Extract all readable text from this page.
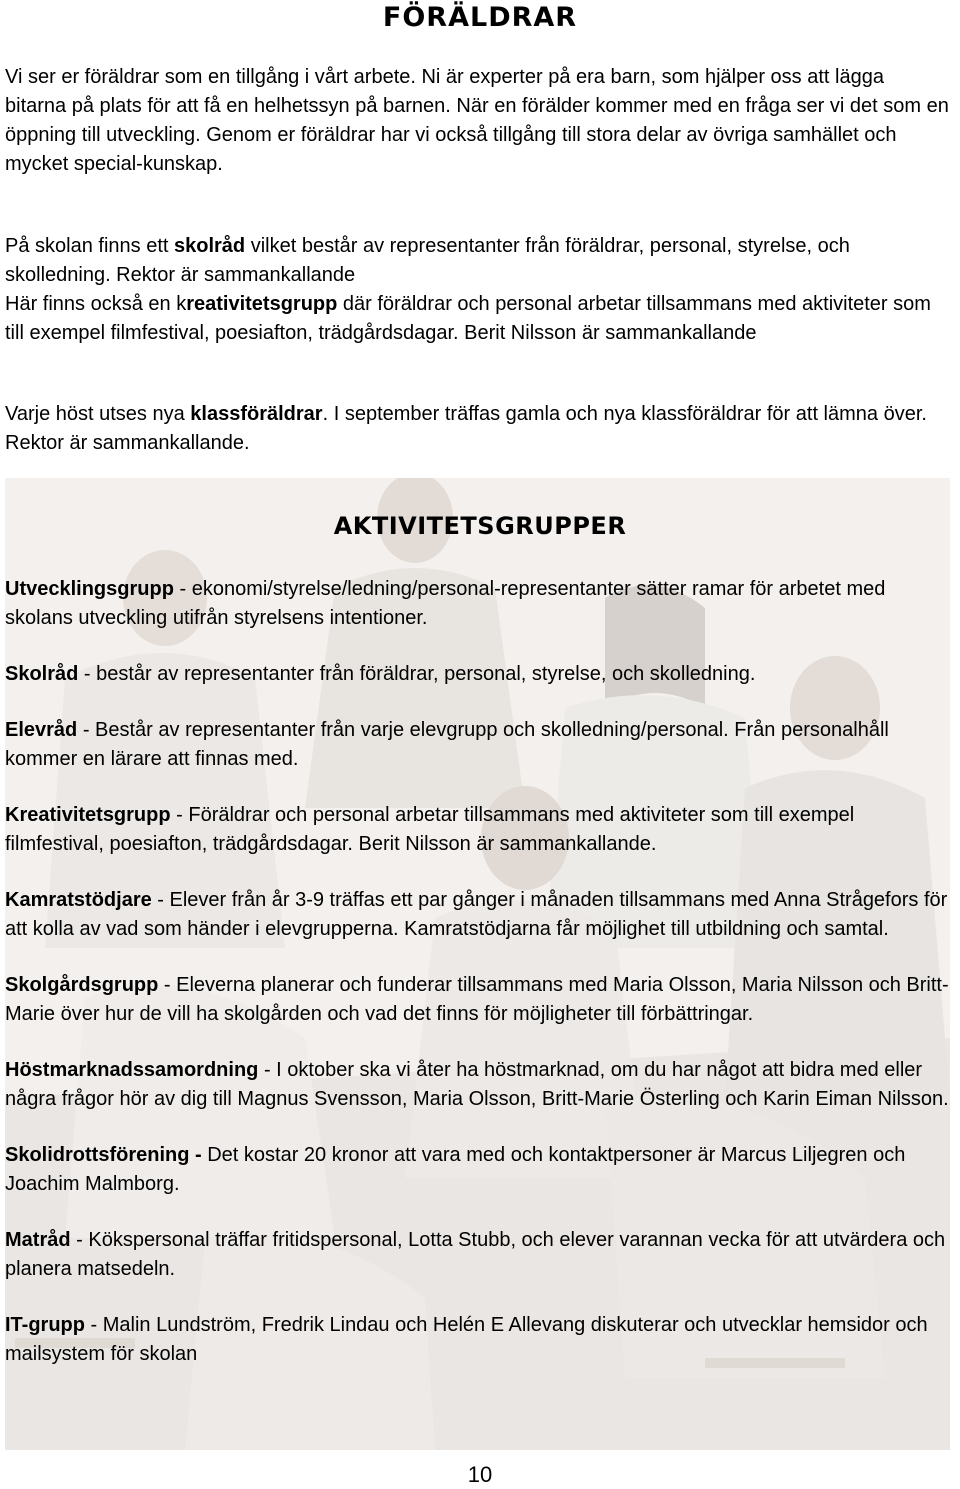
FÖRÄLDRAR

Vi ser er föräldrar som en tillgång i vårt arbete. Ni är experter på era barn, som hjälper oss att lägga bitarna på plats för att få en helhetssyn på barnen. När en förälder kommer med en fråga ser vi det som en öppning till utveckling. Genom er föräldrar har vi också tillgång till stora delar av övriga samhället och mycket special-kunskap.

På skolan finns ett skolråd vilket består av representanter från föräldrar, personal, styrelse, och skolledning. Rektor är sammankallande
Här finns också en kreativitetsgrupp där föräldrar och personal arbetar tillsammans med aktiviteter som till exempel filmfestival, poesiafton, trädgårdsdagar. Berit Nilsson är sammankallande

Varje höst utses nya klassföräldrar. I september träffas gamla och nya klassföräldrar för att lämna över. Rektor är sammankallande.

AKTIVITETSGRUPPER

Utvecklingsgrupp - ekonomi/styrelse/ledning/personal-representanter sätter ramar för arbetet med skolans utveckling utifrån styrelsens intentioner.

Skolråd - består av representanter från föräldrar, personal, styrelse, och skolledning.

Elevråd - Består av representanter från varje elevgrupp och skolledning/personal. Från personalhåll kommer en lärare att finnas med.

Kreativitetsgrupp - Föräldrar och personal arbetar tillsammans med aktiviteter som till exempel filmfestival, poesiafton, trädgårdsdagar. Berit Nilsson är sammankallande.

Kamratstödjare - Elever från år 3-9 träffas ett par gånger i månaden tillsammans med Anna Strågefors för att kolla av vad som händer i elevgrupperna. Kamratstödjarna får möjlighet till utbildning och samtal.

Skolgårdsgrupp - Eleverna planerar och funderar tillsammans med Maria Olsson, Maria Nilsson och Britt-Marie över hur de vill ha skolgården och vad det finns för möjligheter till förbättringar.

Höstmarknadssamordning - I oktober ska vi åter ha höstmarknad, om du har något att bidra med eller några frågor hör av dig till Magnus Svensson, Maria Olsson, Britt-Marie Österling och Karin Eiman Nilsson.

Skolidrottsförening - Det kostar 20 kronor att vara med och kontaktpersoner är Marcus Liljegren och Joachim Malmborg.

Matråd - Kökspersonal träffar fritidspersonal, Lotta Stubb, och elever varannan vecka för att utvärdera och planera matsedeln.

IT-grupp - Malin Lundström, Fredrik Lindau och Helén E Allevang diskuterar och utvecklar hemsidor och mailsystem för skolan

10
